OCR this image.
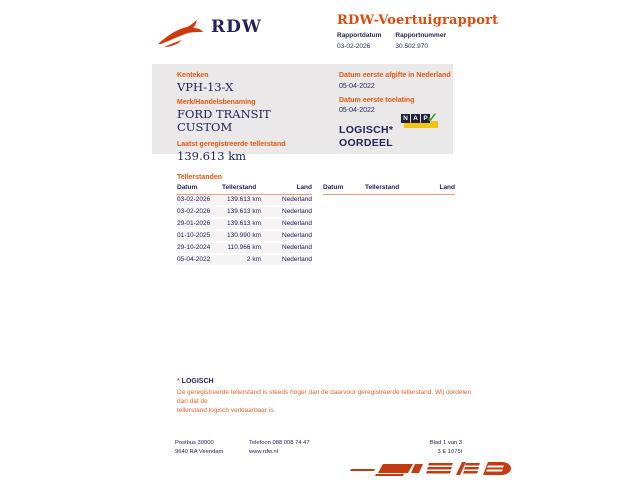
RDW	RDW-Voertuigrapport
Rapportdatum
03-02-2026
Rapportnummer
30.502.970
Kenteken
VPH-13-X
Merk/Handelsbenaming
FORD TRANSIT
CUSTOM
Laatst geregistreerde tellerstand
139.613 km
Datum eerste afgifte in Nederland
05-04-2022
Datum eerste toelating
05-04-2022
LOGISCH*
OORDEEL
N A P ✓
Tellerstanden
Datum	Tellerstand	Land
03-02-2026	139.613 km	Nederland
03-02-2026	139.613 km	Nederland
29-01-2026	139.613 km	Nederland
01-10-2025	130.990 km	Nederland
29-10-2024	110.966 km	Nederland
05-04-2022	2 km	Nederland
Datum	Tellerstand	Land
* LOGISCH
De geregistreerde tellerstand is steeds hoger dan de daarvoor geregistreerde tellerstand. Wij oordelen dan dat de
tellerstand logisch verklaarbaar is.
Postbus 30000
9640 RA Veendam
Telefoon 088 008 74 47
www.rdw.nl
Blad 1 van 3
3 E 1075i
